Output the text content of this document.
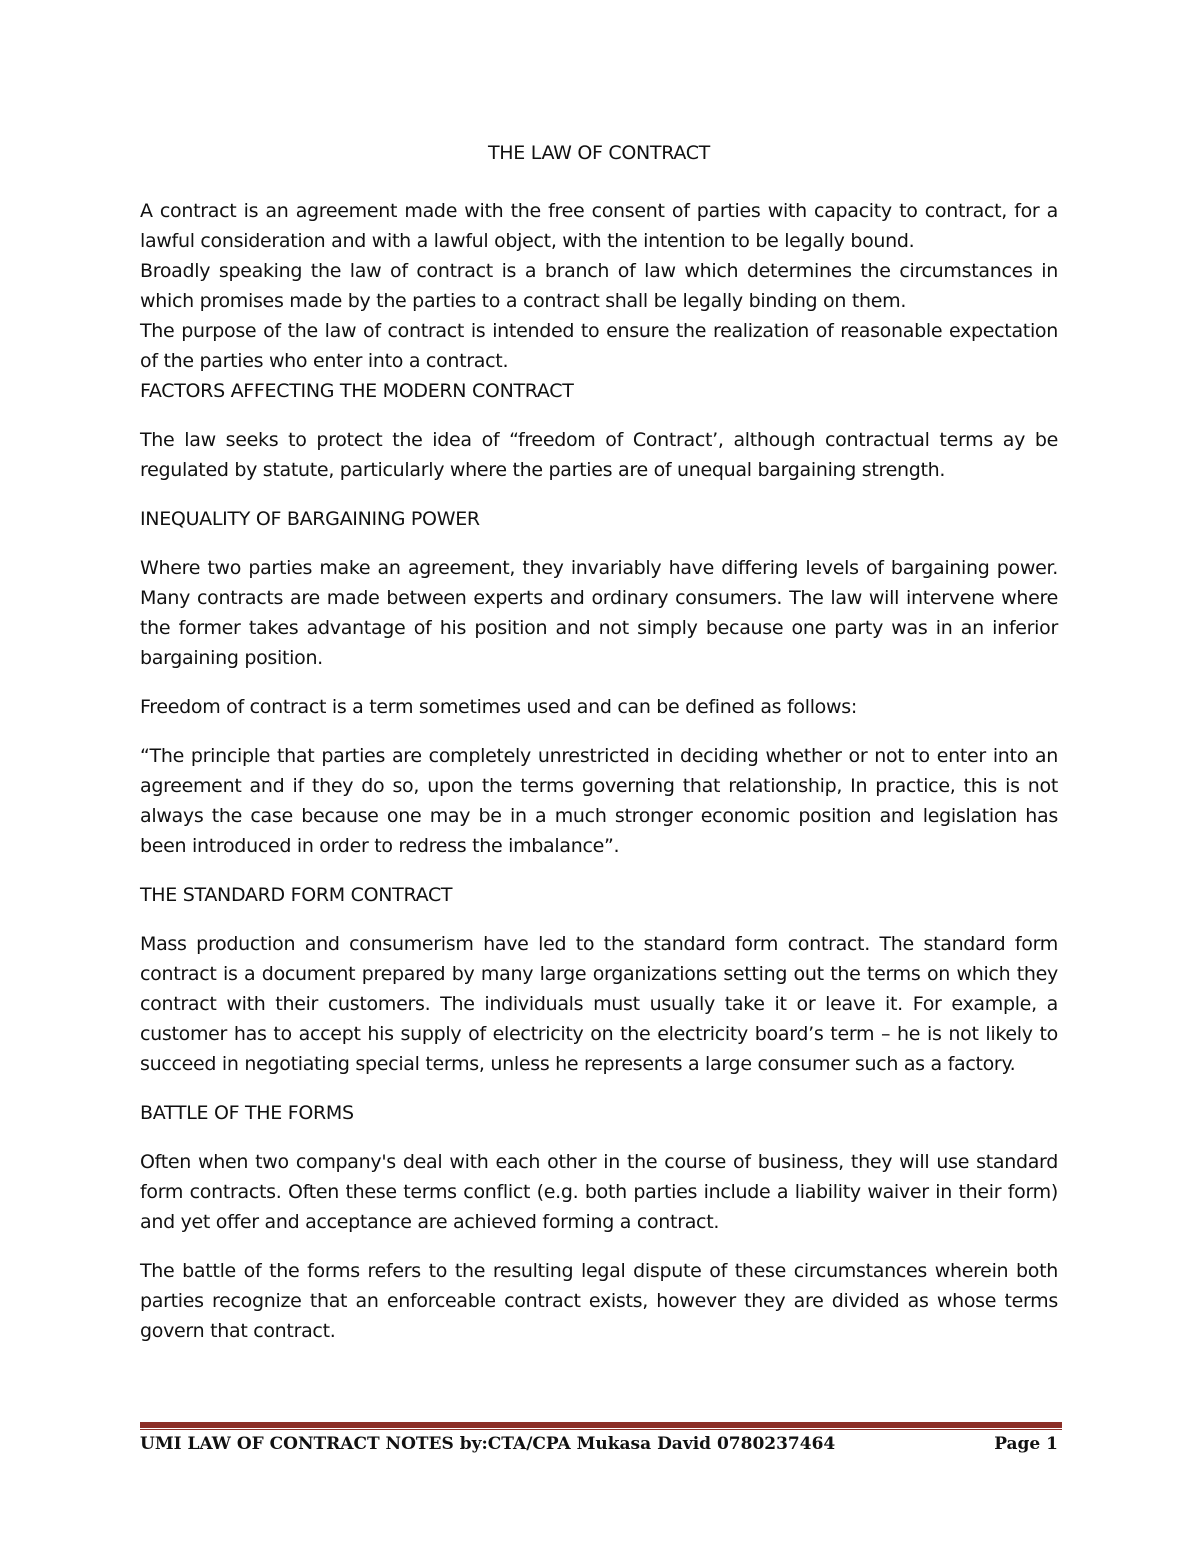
THE LAW OF CONTRACT

A contract is an agreement made with the free consent of parties with capacity to contract, for a lawful consideration and with a lawful object, with the intention to be legally bound.

Broadly speaking the law of contract is a branch of law which determines the circumstances in which promises made by the parties to a contract shall be legally binding on them.

The purpose of the law of contract is intended to ensure the realization of reasonable expectation of the parties who enter into a contract.

FACTORS AFFECTING THE MODERN CONTRACT

The law seeks to protect the idea of “freedom of Contract’, although contractual terms ay be regulated by statute, particularly where the parties are of unequal bargaining strength.

INEQUALITY OF BARGAINING POWER

Where two parties make an agreement, they invariably have differing levels of bargaining power. Many contracts are made between experts and ordinary consumers. The law will intervene where the former takes advantage of his position and not simply because one party was in an inferior bargaining position.

Freedom of contract is a term sometimes used and can be defined as follows:

“The principle that parties are completely unrestricted in deciding whether or not to enter into an agreement and if they do so, upon the terms governing that relationship, In practice, this is not always the case because one may be in a much stronger economic position and legislation has been introduced in order to redress the imbalance”.

THE STANDARD FORM CONTRACT

Mass production and consumerism have led to the standard form contract. The standard form contract is a document prepared by many large organizations setting out the terms on which they contract with their customers. The individuals must usually take it or leave it. For example, a customer has to accept his supply of electricity on the electricity board’s term – he is not likely to succeed in negotiating special terms, unless he represents a large consumer such as a factory.

BATTLE OF THE FORMS

Often when two company's deal with each other in the course of business, they will use standard form contracts. Often these terms conflict (e.g. both parties include a liability waiver in their form) and yet offer and acceptance are achieved forming a contract.

The battle of the forms refers to the resulting legal dispute of these circumstances wherein both parties recognize that an enforceable contract exists, however they are divided as whose terms govern that contract.

UMI LAW OF CONTRACT NOTES by:CTA/CPA Mukasa David 0780237464	Page 1
